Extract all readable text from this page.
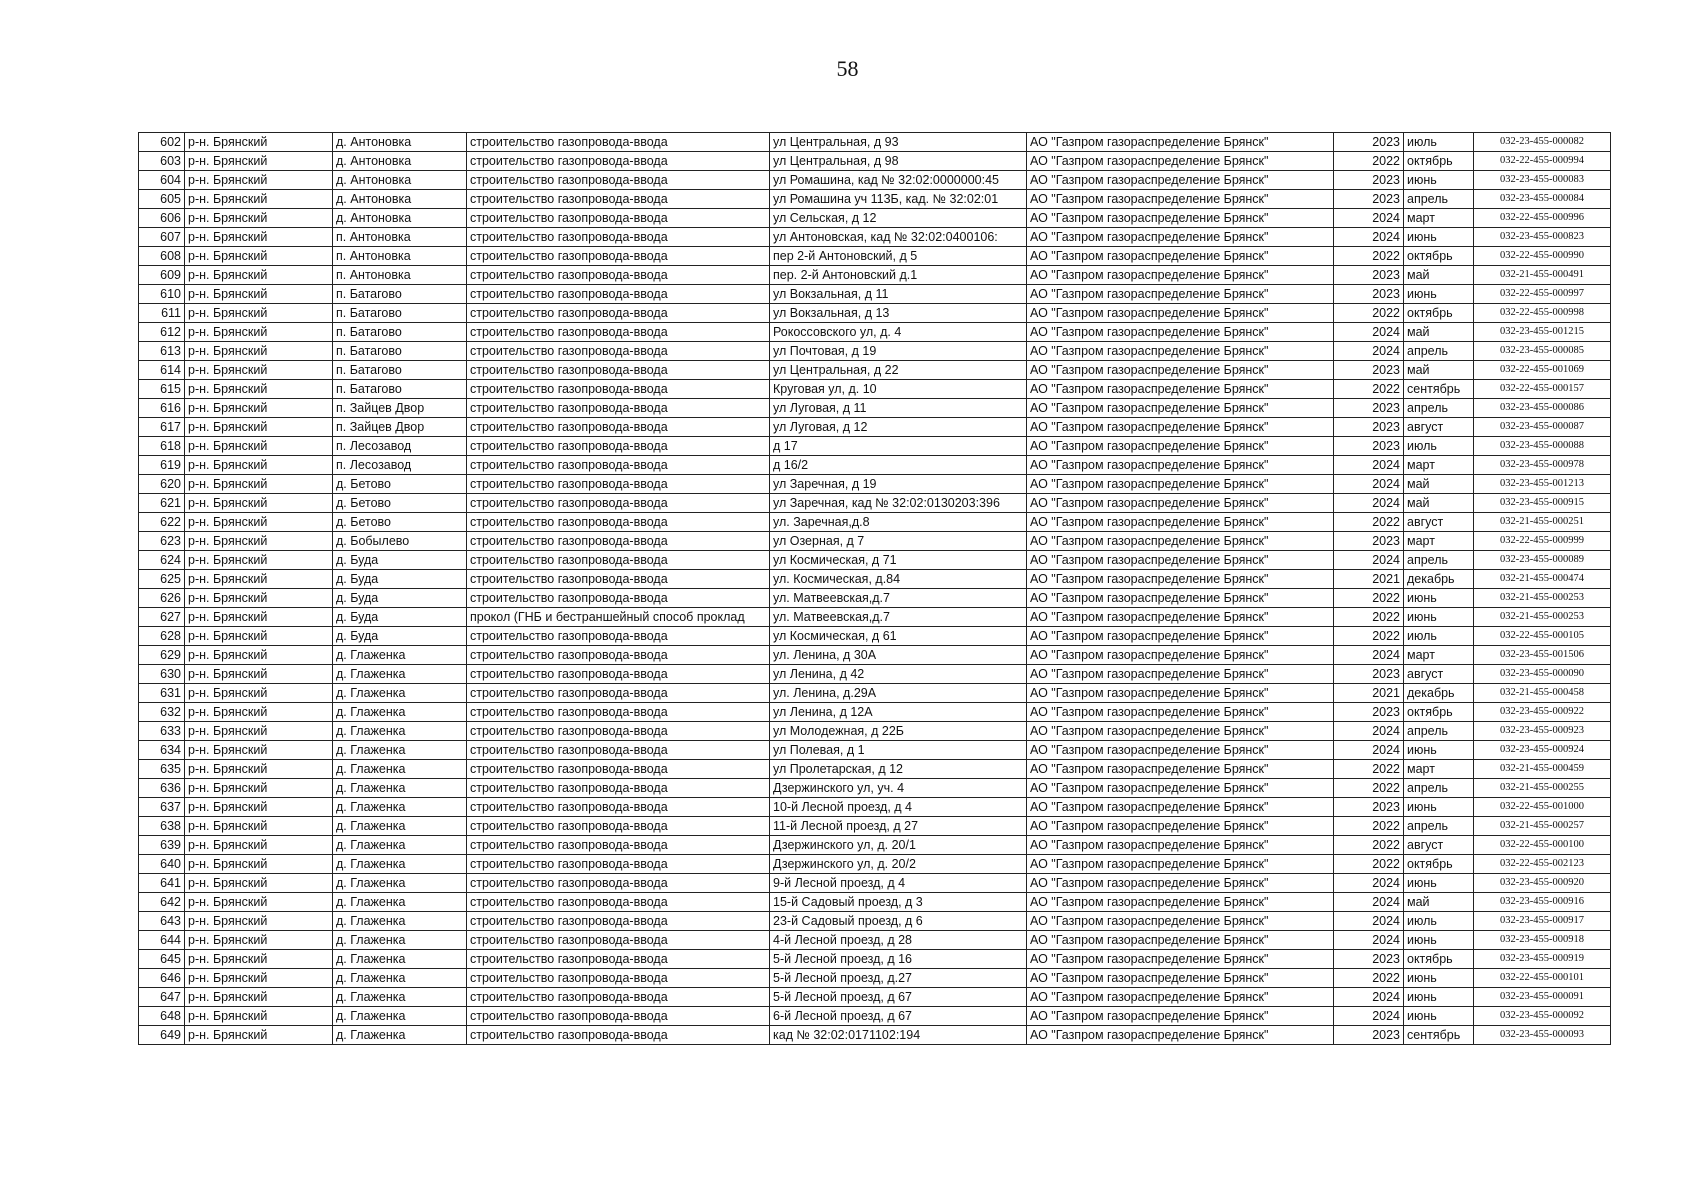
58
602	р-н. Брянский	д. Антоновка	строительство газопровода-ввода	ул Центральная, д 93	АО "Газпром газораспределение Брянск"	2023	июль	032-23-455-000082
603	р-н. Брянский	д. Антоновка	строительство газопровода-ввода	ул Центральная, д 98	АО "Газпром газораспределение Брянск"	2022	октябрь	032-22-455-000994
604	р-н. Брянский	д. Антоновка	строительство газопровода-ввода	ул Ромашина, кад № 32:02:0000000:45	АО "Газпром газораспределение Брянск"	2023	июнь	032-23-455-000083
605	р-н. Брянский	д. Антоновка	строительство газопровода-ввода	ул Ромашина уч 113Б, кад. № 32:02:01	АО "Газпром газораспределение Брянск"	2023	апрель	032-23-455-000084
606	р-н. Брянский	д. Антоновка	строительство газопровода-ввода	ул Сельская, д 12	АО "Газпром газораспределение Брянск"	2024	март	032-22-455-000996
607	р-н. Брянский	п. Антоновка	строительство газопровода-ввода	ул Антоновская, кад № 32:02:0400106:	АО "Газпром газораспределение Брянск"	2024	июнь	032-23-455-000823
608	р-н. Брянский	п. Антоновка	строительство газопровода-ввода	пер 2-й Антоновский, д 5	АО "Газпром газораспределение Брянск"	2022	октябрь	032-22-455-000990
609	р-н. Брянский	п. Антоновка	строительство газопровода-ввода	пер. 2-й Антоновский д.1	АО "Газпром газораспределение Брянск"	2023	май	032-21-455-000491
610	р-н. Брянский	п. Батагово	строительство газопровода-ввода	ул Вокзальная, д 11	АО "Газпром газораспределение Брянск"	2023	июнь	032-22-455-000997
611	р-н. Брянский	п. Батагово	строительство газопровода-ввода	ул Вокзальная, д 13	АО "Газпром газораспределение Брянск"	2022	октябрь	032-22-455-000998
612	р-н. Брянский	п. Батагово	строительство газопровода-ввода	Рокоссовского ул, д. 4	АО "Газпром газораспределение Брянск"	2024	май	032-23-455-001215
613	р-н. Брянский	п. Батагово	строительство газопровода-ввода	ул Почтовая, д 19	АО "Газпром газораспределение Брянск"	2024	апрель	032-23-455-000085
614	р-н. Брянский	п. Батагово	строительство газопровода-ввода	ул Центральная, д 22	АО "Газпром газораспределение Брянск"	2023	май	032-22-455-001069
615	р-н. Брянский	п. Батагово	строительство газопровода-ввода	Круговая ул, д. 10	АО "Газпром газораспределение Брянск"	2022	сентябрь	032-22-455-000157
616	р-н. Брянский	п. Зайцев Двор	строительство газопровода-ввода	ул Луговая, д 11	АО "Газпром газораспределение Брянск"	2023	апрель	032-23-455-000086
617	р-н. Брянский	п. Зайцев Двор	строительство газопровода-ввода	ул Луговая, д 12	АО "Газпром газораспределение Брянск"	2023	август	032-23-455-000087
618	р-н. Брянский	п. Лесозавод	строительство газопровода-ввода	д 17	АО "Газпром газораспределение Брянск"	2023	июль	032-23-455-000088
619	р-н. Брянский	п. Лесозавод	строительство газопровода-ввода	д 16/2	АО "Газпром газораспределение Брянск"	2024	март	032-23-455-000978
620	р-н. Брянский	д. Бетово	строительство газопровода-ввода	ул Заречная, д 19	АО "Газпром газораспределение Брянск"	2024	май	032-23-455-001213
621	р-н. Брянский	д. Бетово	строительство газопровода-ввода	ул Заречная, кад № 32:02:0130203:396	АО "Газпром газораспределение Брянск"	2024	май	032-23-455-000915
622	р-н. Брянский	д. Бетово	строительство газопровода-ввода	ул. Заречная,д.8	АО "Газпром газораспределение Брянск"	2022	август	032-21-455-000251
623	р-н. Брянский	д. Бобылево	строительство газопровода-ввода	ул Озерная, д 7	АО "Газпром газораспределение Брянск"	2023	март	032-22-455-000999
624	р-н. Брянский	д. Буда	строительство газопровода-ввода	ул Космическая, д 71	АО "Газпром газораспределение Брянск"	2024	апрель	032-23-455-000089
625	р-н. Брянский	д. Буда	строительство газопровода-ввода	ул. Космическая, д.84	АО "Газпром газораспределение Брянск"	2021	декабрь	032-21-455-000474
626	р-н. Брянский	д. Буда	строительство газопровода-ввода	ул. Матвеевская,д.7	АО "Газпром газораспределение Брянск"	2022	июнь	032-21-455-000253
627	р-н. Брянский	д. Буда	прокол (ГНБ и бестраншейный способ проклад	ул. Матвеевская,д.7	АО "Газпром газораспределение Брянск"	2022	июнь	032-21-455-000253
628	р-н. Брянский	д. Буда	строительство газопровода-ввода	ул Космическая, д 61	АО "Газпром газораспределение Брянск"	2022	июль	032-22-455-000105
629	р-н. Брянский	д. Глаженка	строительство газопровода-ввода	ул. Ленина, д 30А	АО "Газпром газораспределение Брянск"	2024	март	032-23-455-001506
630	р-н. Брянский	д. Глаженка	строительство газопровода-ввода	ул Ленина, д 42	АО "Газпром газораспределение Брянск"	2023	август	032-23-455-000090
631	р-н. Брянский	д. Глаженка	строительство газопровода-ввода	ул. Ленина, д.29А	АО "Газпром газораспределение Брянск"	2021	декабрь	032-21-455-000458
632	р-н. Брянский	д. Глаженка	строительство газопровода-ввода	ул Ленина, д 12А	АО "Газпром газораспределение Брянск"	2023	октябрь	032-23-455-000922
633	р-н. Брянский	д. Глаженка	строительство газопровода-ввода	ул Молодежная, д 22Б	АО "Газпром газораспределение Брянск"	2024	апрель	032-23-455-000923
634	р-н. Брянский	д. Глаженка	строительство газопровода-ввода	ул Полевая, д 1	АО "Газпром газораспределение Брянск"	2024	июнь	032-23-455-000924
635	р-н. Брянский	д. Глаженка	строительство газопровода-ввода	ул Пролетарская, д 12	АО "Газпром газораспределение Брянск"	2022	март	032-21-455-000459
636	р-н. Брянский	д. Глаженка	строительство газопровода-ввода	Дзержинского ул, уч. 4	АО "Газпром газораспределение Брянск"	2022	апрель	032-21-455-000255
637	р-н. Брянский	д. Глаженка	строительство газопровода-ввода	10-й Лесной проезд, д 4	АО "Газпром газораспределение Брянск"	2023	июнь	032-22-455-001000
638	р-н. Брянский	д. Глаженка	строительство газопровода-ввода	11-й Лесной проезд, д 27	АО "Газпром газораспределение Брянск"	2022	апрель	032-21-455-000257
639	р-н. Брянский	д. Глаженка	строительство газопровода-ввода	Дзержинского ул, д. 20/1	АО "Газпром газораспределение Брянск"	2022	август	032-22-455-000100
640	р-н. Брянский	д. Глаженка	строительство газопровода-ввода	Дзержинского ул, д. 20/2	АО "Газпром газораспределение Брянск"	2022	октябрь	032-22-455-002123
641	р-н. Брянский	д. Глаженка	строительство газопровода-ввода	9-й Лесной проезд, д 4	АО "Газпром газораспределение Брянск"	2024	июнь	032-23-455-000920
642	р-н. Брянский	д. Глаженка	строительство газопровода-ввода	15-й Садовый проезд, д 3	АО "Газпром газораспределение Брянск"	2024	май	032-23-455-000916
643	р-н. Брянский	д. Глаженка	строительство газопровода-ввода	23-й Садовый проезд, д 6	АО "Газпром газораспределение Брянск"	2024	июль	032-23-455-000917
644	р-н. Брянский	д. Глаженка	строительство газопровода-ввода	4-й Лесной проезд, д 28	АО "Газпром газораспределение Брянск"	2024	июнь	032-23-455-000918
645	р-н. Брянский	д. Глаженка	строительство газопровода-ввода	5-й Лесной проезд, д 16	АО "Газпром газораспределение Брянск"	2023	октябрь	032-23-455-000919
646	р-н. Брянский	д. Глаженка	строительство газопровода-ввода	5-й Лесной проезд, д.27	АО "Газпром газораспределение Брянск"	2022	июнь	032-22-455-000101
647	р-н. Брянский	д. Глаженка	строительство газопровода-ввода	5-й Лесной проезд, д 67	АО "Газпром газораспределение Брянск"	2024	июнь	032-23-455-000091
648	р-н. Брянский	д. Глаженка	строительство газопровода-ввода	6-й Лесной проезд, д 67	АО "Газпром газораспределение Брянск"	2024	июнь	032-23-455-000092
649	р-н. Брянский	д. Глаженка	строительство газопровода-ввода	кад № 32:02:0171102:194	АО "Газпром газораспределение Брянск"	2023	сентябрь	032-23-455-000093
